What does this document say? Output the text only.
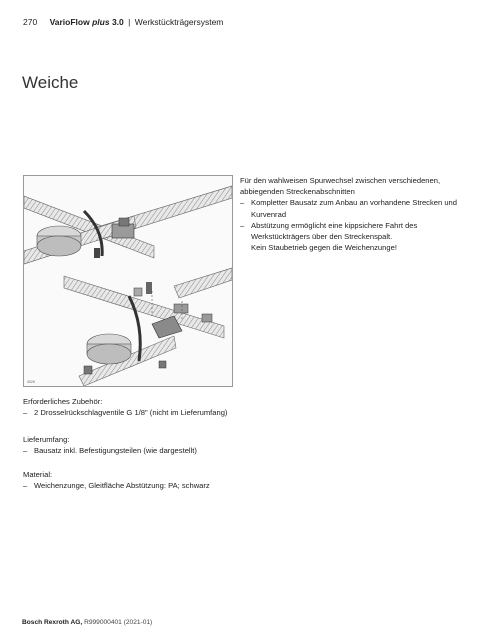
270 VarioFlow plus 3.0 | Werkstückträgersystem
Weiche
3026

Für den wahlweisen Spurwechsel zwischen verschiedenen, abbiegenden Streckenabschnitten

– Kompletter Bausatz zum Anbau an vorhandene Strecken und Kurvenrad
– Abstützung ermöglicht eine kippsichere Fahrt des Werkstückträgers über den Streckenspalt.

Kein Staubetrieb gegen die Weichenzunge!

Erforderliches Zubehör:

– 2 Drosselrückschlagventile G 1/8" (nicht im Lieferumfang)

Lieferumfang:

– Bausatz inkl. Befestigungsteilen (wie dargestellt)

Material:

– Weichenzunge, Gleitfläche Abstützung: PA; schwarz
Bosch Rexroth AG, R999000401 (2021-01)
